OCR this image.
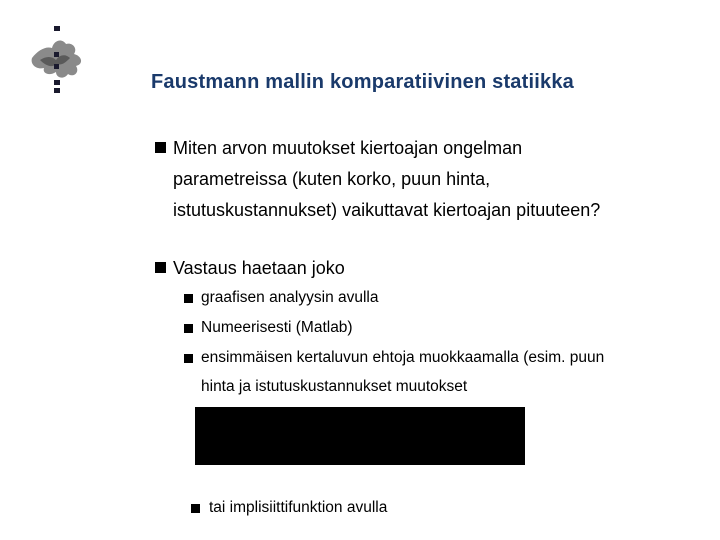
Faustmann mallin komparatiivinen statiikka
Miten arvon muutokset kiertoajan ongelman
parametreissa (kuten korko, puun hinta,
istutuskustannukset) vaikuttavat kiertoajan pituuteen?
Vastaus haetaan joko
graafisen analyysin avulla
Numeerisesti (Matlab)
ensimmäisen kertaluvun ehtoja muokkaamalla (esim. puun
hinta ja istutuskustannukset muutokset
tai implisiittifunktion avulla
